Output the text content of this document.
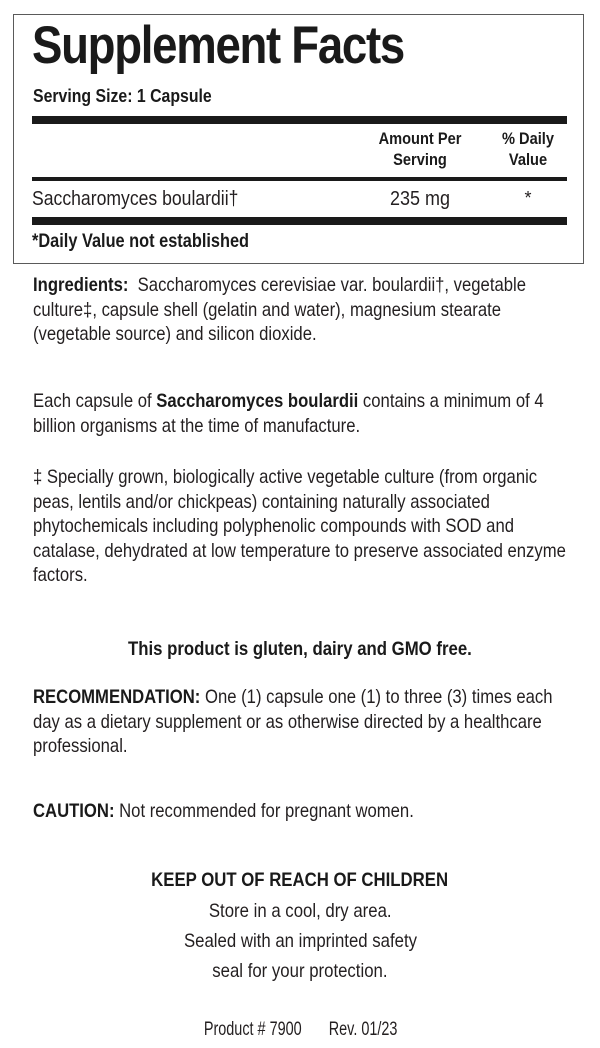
Supplement Facts
Serving Size: 1 Capsule
Amount Per
Serving
% Daily
Value
Saccharomyces boulardii†	235 mg	*
*Daily Value not established
Ingredients: Saccharomyces cerevisiae var. boulardii†, vegetable culture‡, capsule shell (gelatin and water), magnesium stearate (vegetable source) and silicon dioxide.
Each capsule of Saccharomyces boulardii contains a minimum of 4 billion organisms at the time of manufacture.
‡ Specially grown, biologically active vegetable culture (from organic peas, lentils and/or chickpeas) containing naturally associated phytochemicals including polyphenolic compounds with SOD and catalase, dehydrated at low temperature to preserve associated enzyme factors.
This product is gluten, dairy and GMO free.
RECOMMENDATION: One (1) capsule one (1) to three (3) times each day as a dietary supplement or as otherwise directed by a healthcare professional.
CAUTION: Not recommended for pregnant women.
KEEP OUT OF REACH OF CHILDREN
Store in a cool, dry area.
Sealed with an imprinted safety
seal for your protection.
Product # 7900 Rev. 01/23
